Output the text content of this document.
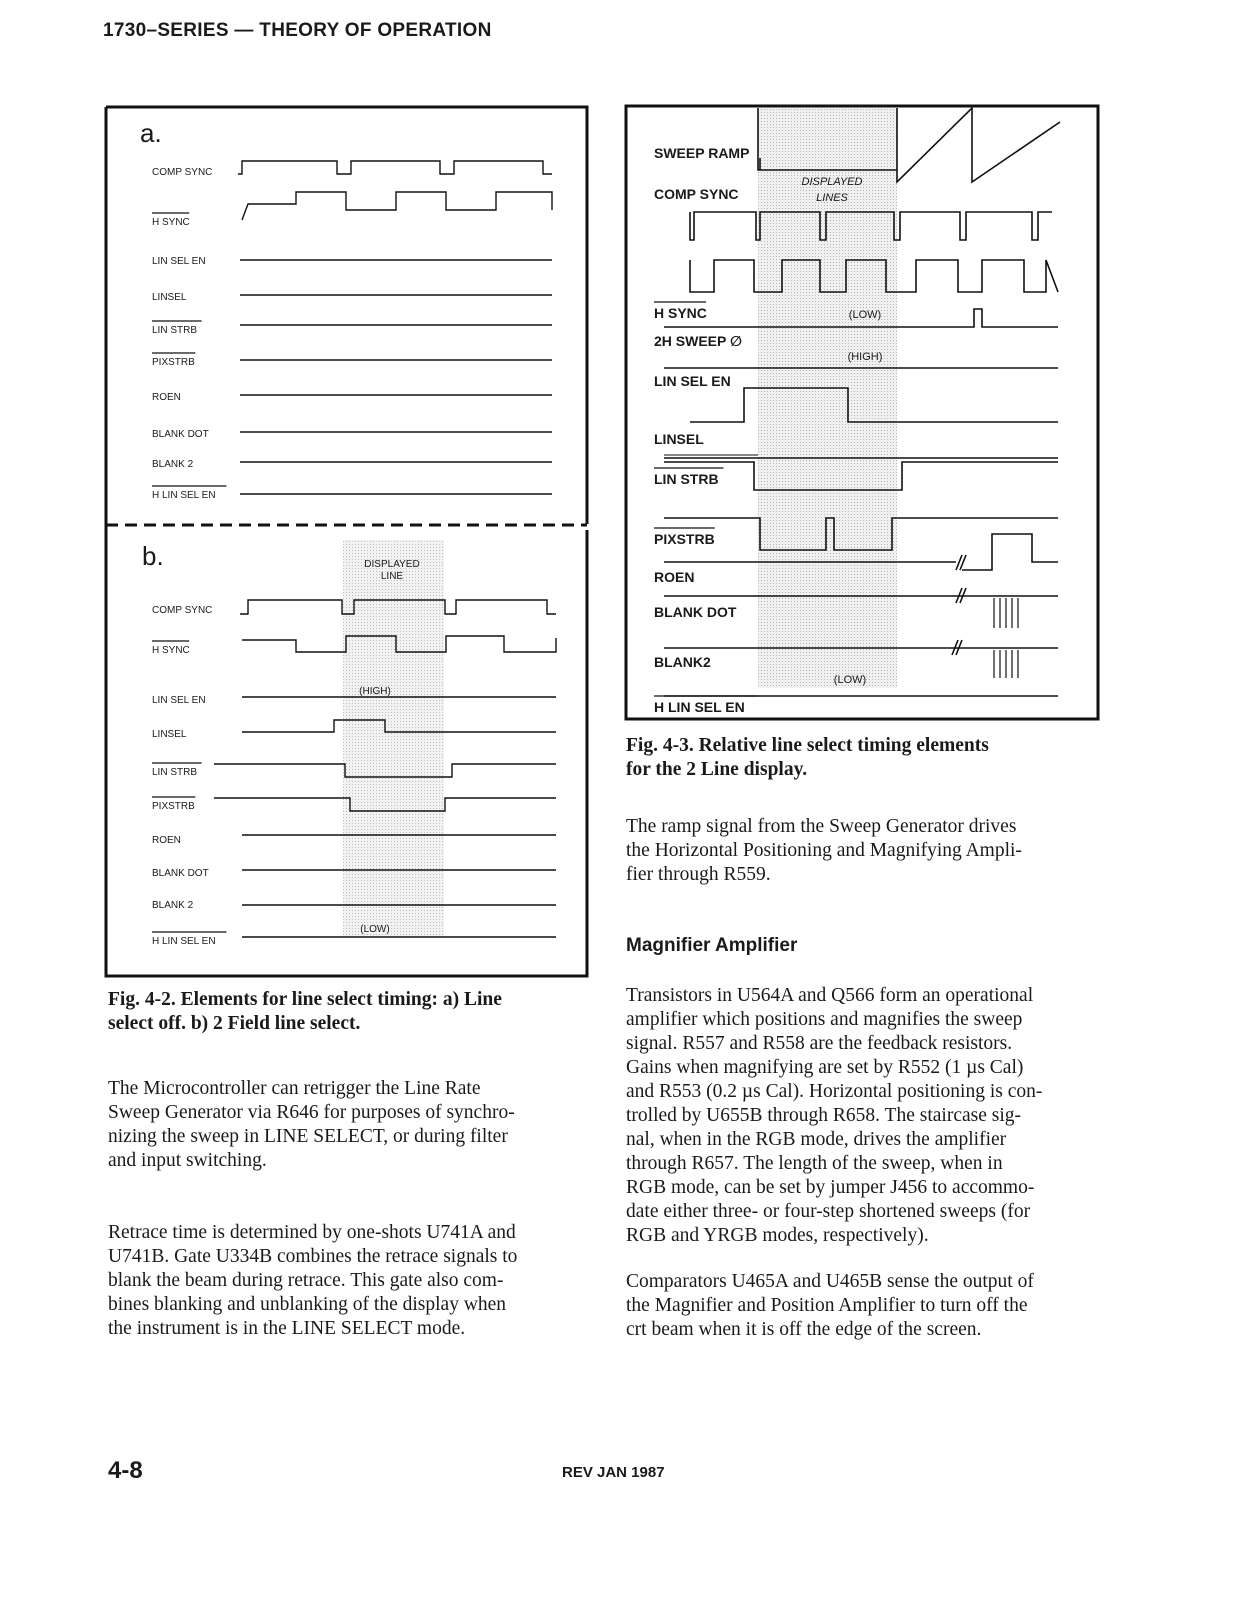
1730–SERIES — THEORY OF OPERATION
a.
b.	DISPLAYED
LINE
(HIGH)
(LOW)
COMP SYNC
H SYNC
LIN SEL EN
LINSEL
LIN STRB
PIXSTRB
ROEN
BLANK DOT
BLANK 2
H LIN SEL EN
COMP SYNC
H SYNC
LIN SEL EN
LINSEL
LIN STRB
PIXSTRB
ROEN
BLANK DOT
BLANK 2
H LIN SEL EN
DISPLAYED
LINES
(LOW)
(HIGH)
(LOW)
SWEEP RAMP
COMP SYNC
H SYNC
2H SWEEP ∅
LIN SEL EN
LINSEL
LIN STRB
PIXSTRB
ROEN
BLANK DOT
BLANK2
H LIN SEL EN
Fig. 4-2. Elements for line select timing: a) Line
select off. b) 2 Field line select.
Fig. 4-3. Relative line select timing elements
for the 2 Line display.
The Microcontroller can retrigger the Line Rate
Sweep Generator via R646 for purposes of synchro-
nizing the sweep in LINE SELECT, or during filter
and input switching.
Retrace time is determined by one-shots U741A and
U741B. Gate U334B combines the retrace signals to
blank the beam during retrace. This gate also com-
bines blanking and unblanking of the display when
the instrument is in the LINE SELECT mode.
The ramp signal from the Sweep Generator drives
the Horizontal Positioning and Magnifying Ampli-
fier through R559.
Magnifier Amplifier
Transistors in U564A and Q566 form an operational
amplifier which positions and magnifies the sweep
signal. R557 and R558 are the feedback resistors.
Gains when magnifying are set by R552 (1 µs Cal)
and R553 (0.2 µs Cal). Horizontal positioning is con-
trolled by U655B through R658. The staircase sig-
nal, when in the RGB mode, drives the amplifier
through R657. The length of the sweep, when in
RGB mode, can be set by jumper J456 to accommo-
date either three- or four-step shortened sweeps (for
RGB and YRGB modes, respectively).
Comparators U465A and U465B sense the output of
the Magnifier and Position Amplifier to turn off the
crt beam when it is off the edge of the screen.
4-8	REV JAN 1987
